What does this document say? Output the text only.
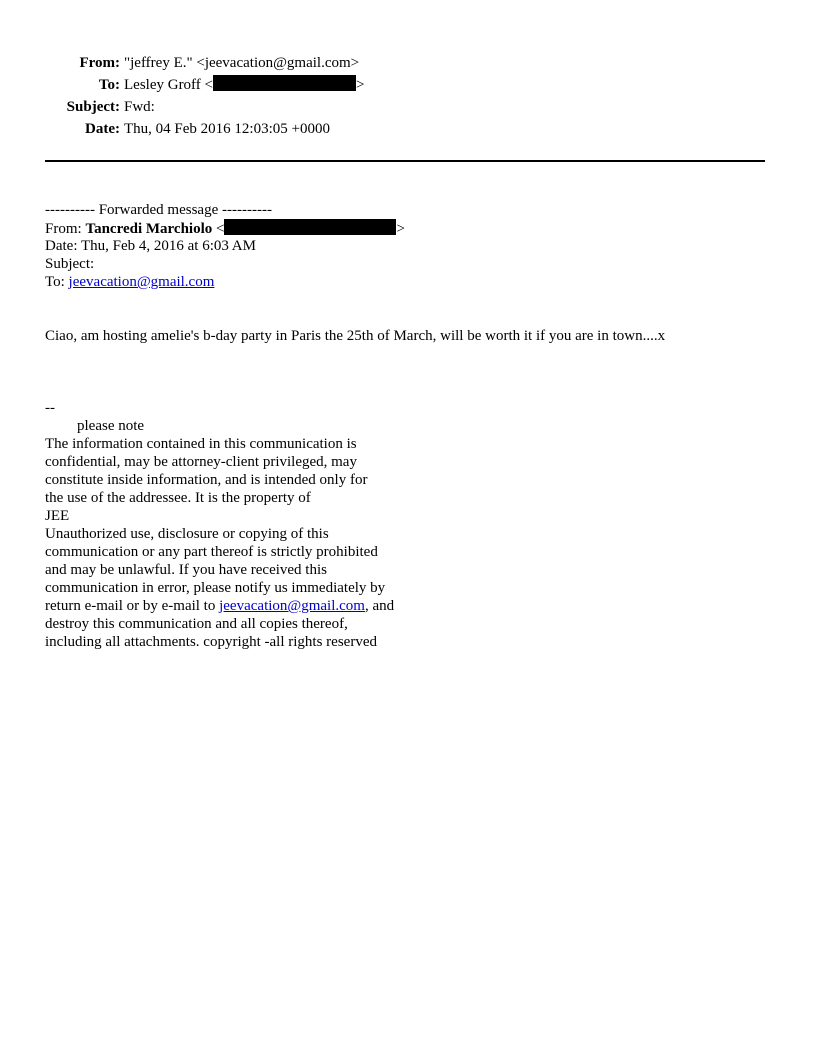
From:	"jeffrey E." <jeevacation@gmail.com>
To:	Lesley Groff < >
Subject:	Fwd:
Date:	Thu, 04 Feb 2016 12:03:05 +0000
---------- Forwarded message ----------
From: Tancredi Marchiolo <	>
Date: Thu, Feb 4, 2016 at 6:03 AM
Subject:
To: jeevacation@gmail.com
Ciao, am hosting amelie's b-day party in Paris the 25th of March, will be worth it if you are in town....x
--
please note
The information contained in this communication is
confidential, may be attorney-client privileged, may
constitute inside information, and is intended only for
the use of the addressee. It is the property of
JEE
Unauthorized use, disclosure or copying of this
communication or any part thereof is strictly prohibited
and may be unlawful. If you have received this
communication in error, please notify us immediately by
return e-mail or by e-mail to jeevacation@gmail.com, and
destroy this communication and all copies thereof,
including all attachments. copyright -all rights reserved
